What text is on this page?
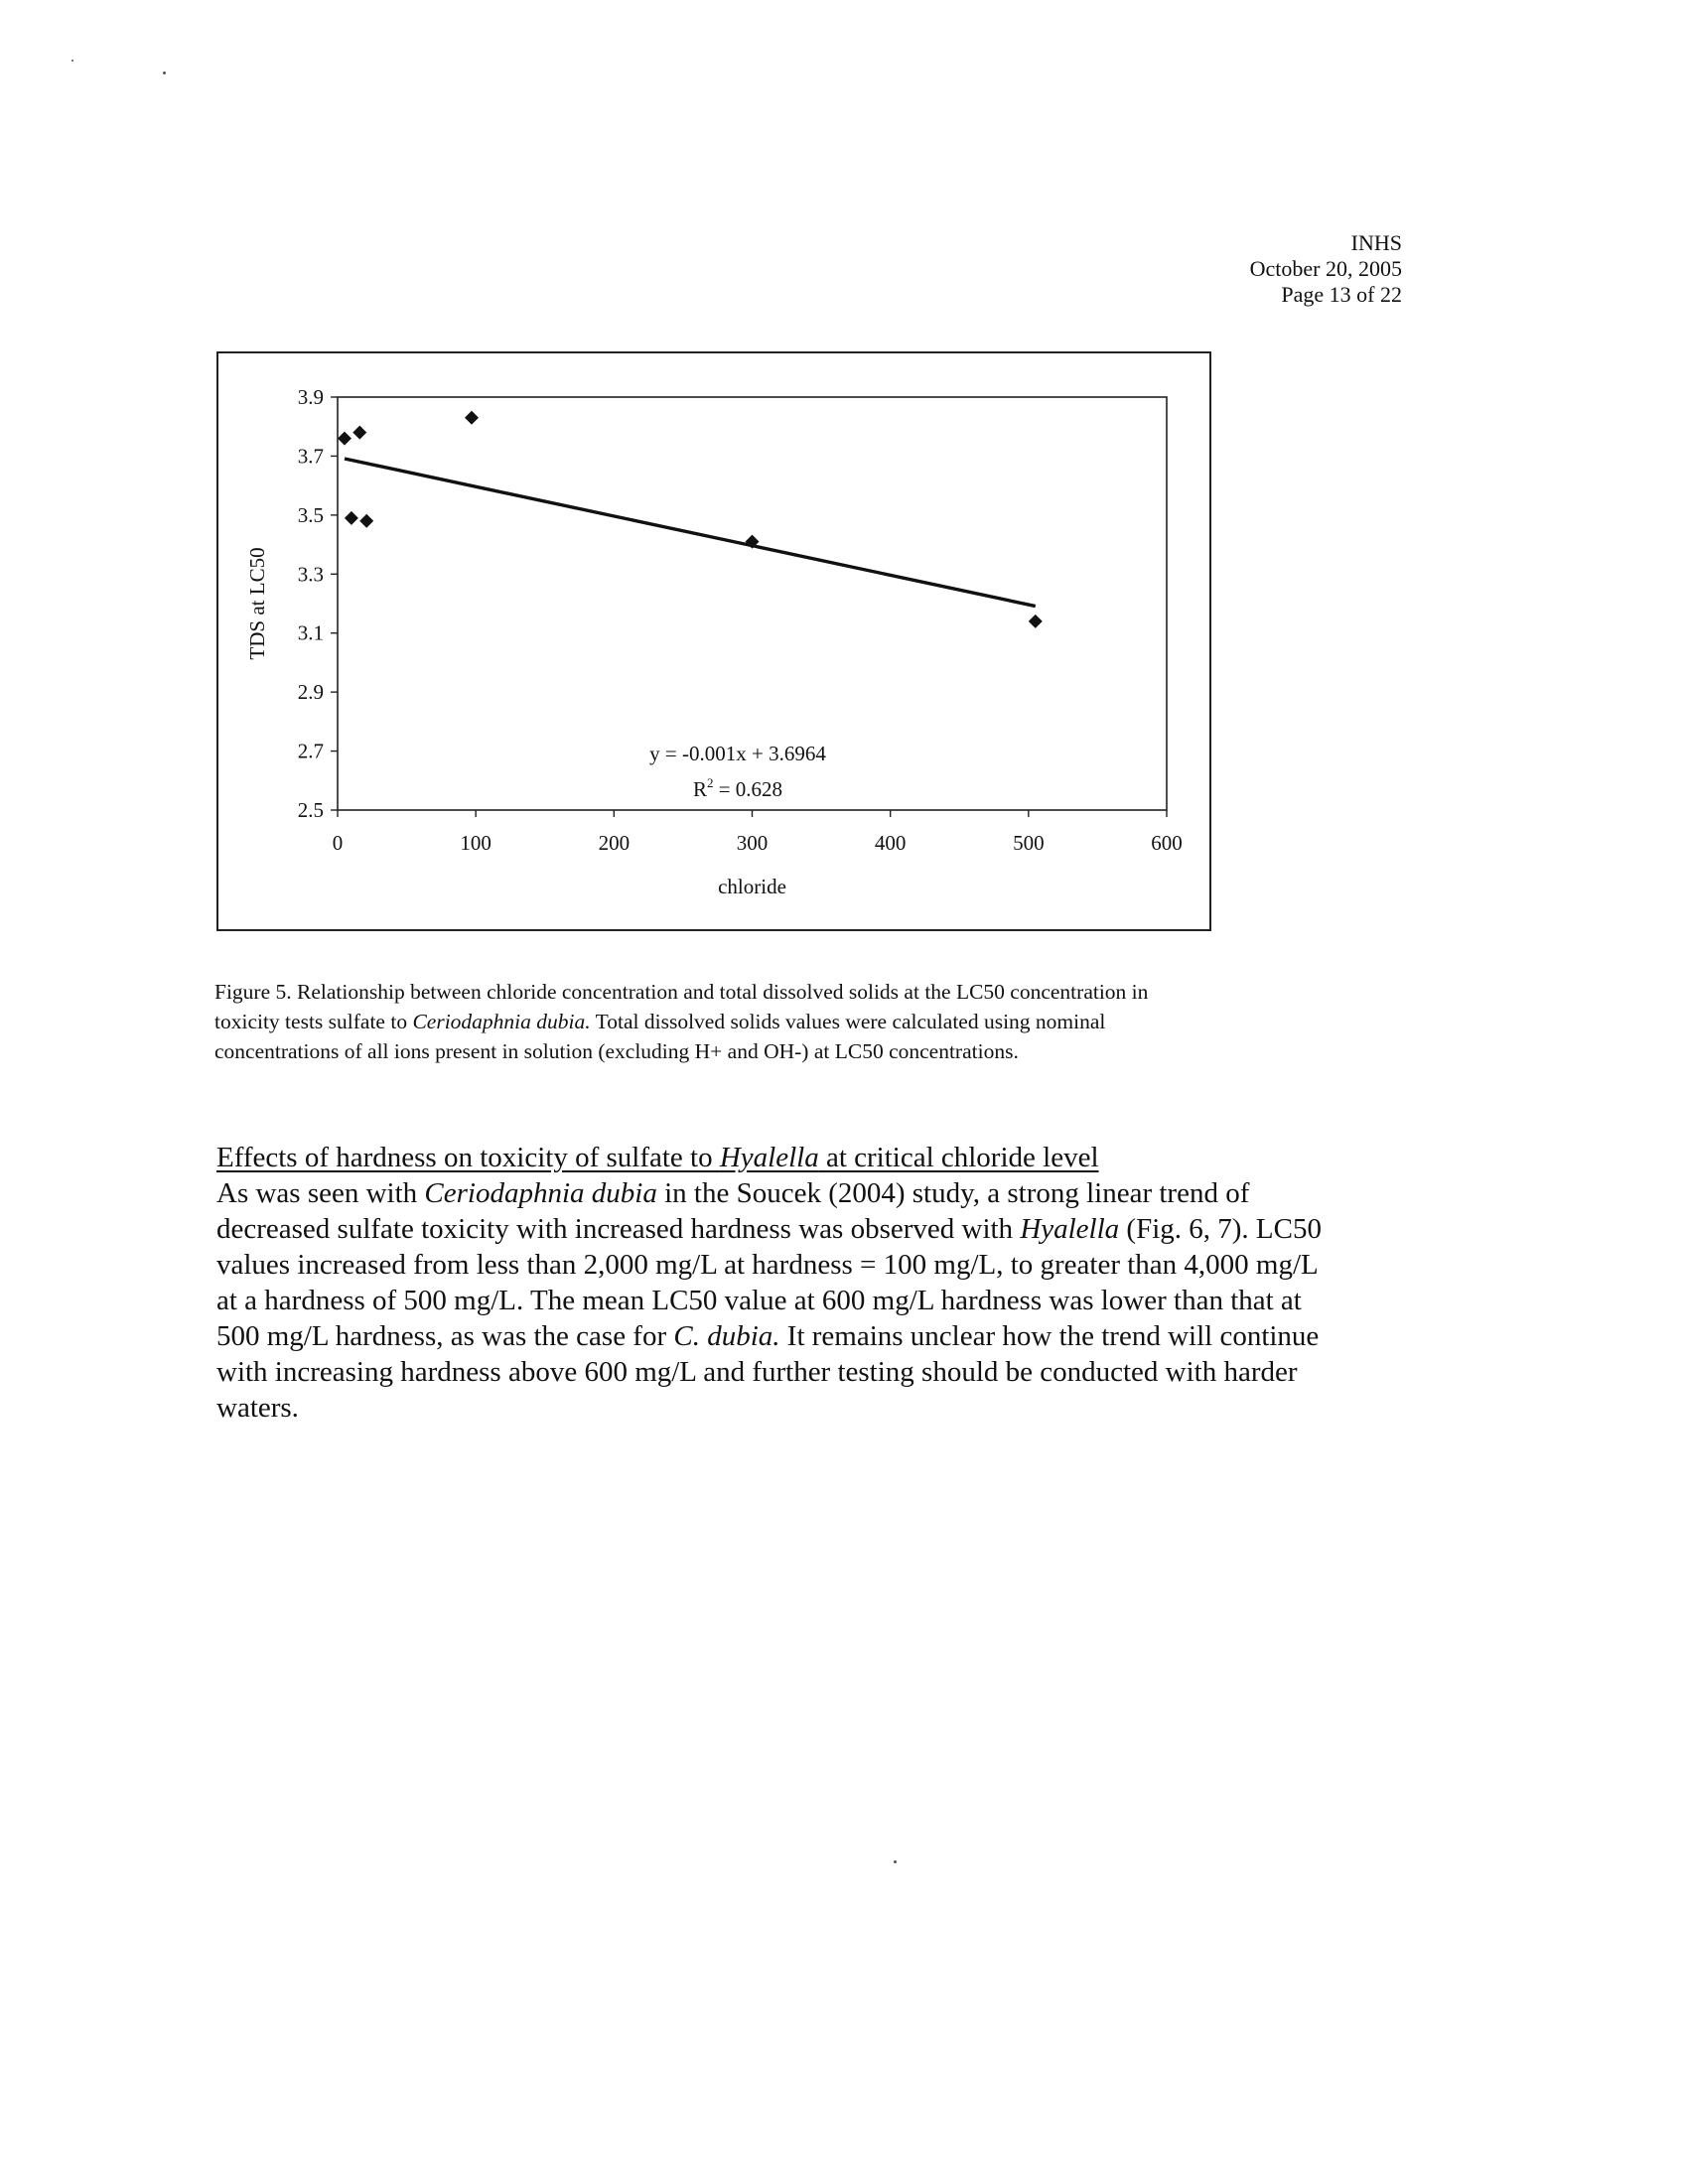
INHS
October 20, 2005
Page 13 of 22
3.9
3.7
3.5
3.3
3.1
2.9
2.7
2.5
0	100	200	300	400	500	600
chloride
TDS at LC50
y = -0.001x + 3.6964
$R^2 = 0.628$
Figure 5. Relationship between chloride concentration and total dissolved solids at the LC50 concentration in
toxicity tests sulfate to Ceriodaphnia dubia. Total dissolved solids values were calculated using nominal
concentrations of all ions present in solution (excluding H+ and OH-) at LC50 concentrations.
Effects of hardness on toxicity of sulfate to Hyalella at critical chloride level
As was seen with Ceriodaphnia dubia in the Soucek (2004) study, a strong linear trend of
decreased sulfate toxicity with increased hardness was observed with Hyalella (Fig. 6, 7). LC50
values increased from less than 2,000 mg/L at hardness = 100 mg/L, to greater than 4,000 mg/L
at a hardness of 500 mg/L. The mean LC50 value at 600 mg/L hardness was lower than that at
500 mg/L hardness, as was the case for C. dubia. It remains unclear how the trend will continue
with increasing hardness above 600 mg/L and further testing should be conducted with harder
waters.
